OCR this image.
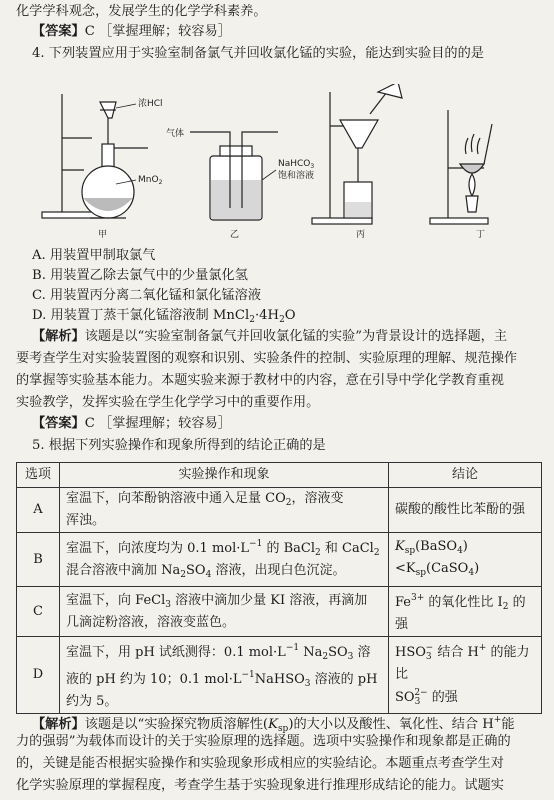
化学学科观念，发展学生的化学学科素养。
【答案】C ［掌握理解；较容易］
4. 下列装置应用于实验室制备氯气并回收氯化锰的实验，能达到实验目的的是
浓HCl
MnO$_2$
甲
气体
NaHCO$_3$
饱和溶液
乙	丙	丁
A. 用装置甲制取氯气
B. 用装置乙除去氯气中的少量氯化氢
C. 用装置丙分离二氧化锰和氯化锰溶液
D. 用装置丁蒸干氯化锰溶液制 $MnCl_2\cdot 4H_2O$
【解析】该题是以“实验室制备氯气并回收氯化锰的实验”为背景设计的选择题，主
要考查学生对实验装置图的观察和识别、实验条件的控制、实验原理的理解、规范操作
的掌握等实验基本能力。本题实验来源于教材中的内容，意在引导中学化学教育重视
实验教学，发挥实验在学生化学学习中的重要作用。
【答案】C ［掌握理解；较容易］
5. 根据下列实验操作和现象所得到的结论正确的是
选项	实验操作和现象	结论
A	室温下，向苯酚钠溶液中通入足量 $CO_2$，溶液变
浑浊。	碳酸的酸性比苯酚的强
B	室温下，向浓度均为 0.1 $mol\cdot L^{-1}$ 的 BaCl$_2$ 和 CaCl$_2$
混合溶液中滴加 $Na_2SO_4$ 溶液，出现白色沉淀。	$K_{sp}(BaSO_4)<K_{sp}(CaSO_4)$
C	室温下，向 FeCl$_3$ 溶液中滴加少量 KI 溶液，再滴加
几滴淀粉溶液，溶液变蓝色。	$Fe^{3+}$ 的氧化性比 $I_2$ 的强
D	室温下，用 pH 试纸测得：0.1 $mol\cdot L^{-1}$ $Na_2SO_3$ 溶
液的 pH 约为 10；0.1 $mol\cdot L^{-1}NaHSO_3$ 溶液的 pH
约为 5。	$HSO_3^-$ 结合 H+ 的能力比
$SO_3^{2-}$ 的强
【解析】该题是以“实验探究物质溶解性$(K_{sp})$的大小以及酸性、氧化性、结合 H+能
力的强弱”为载体而设计的关于实验原理的选择题。选项中实验操作和现象都是正确的
的，关键是能否根据实验操作和实验现象形成相应的实验结论。本题重点考查学生对
化学实验原理的掌握程度，考查学生基于实验现象进行推理形成结论的能力。试题实
